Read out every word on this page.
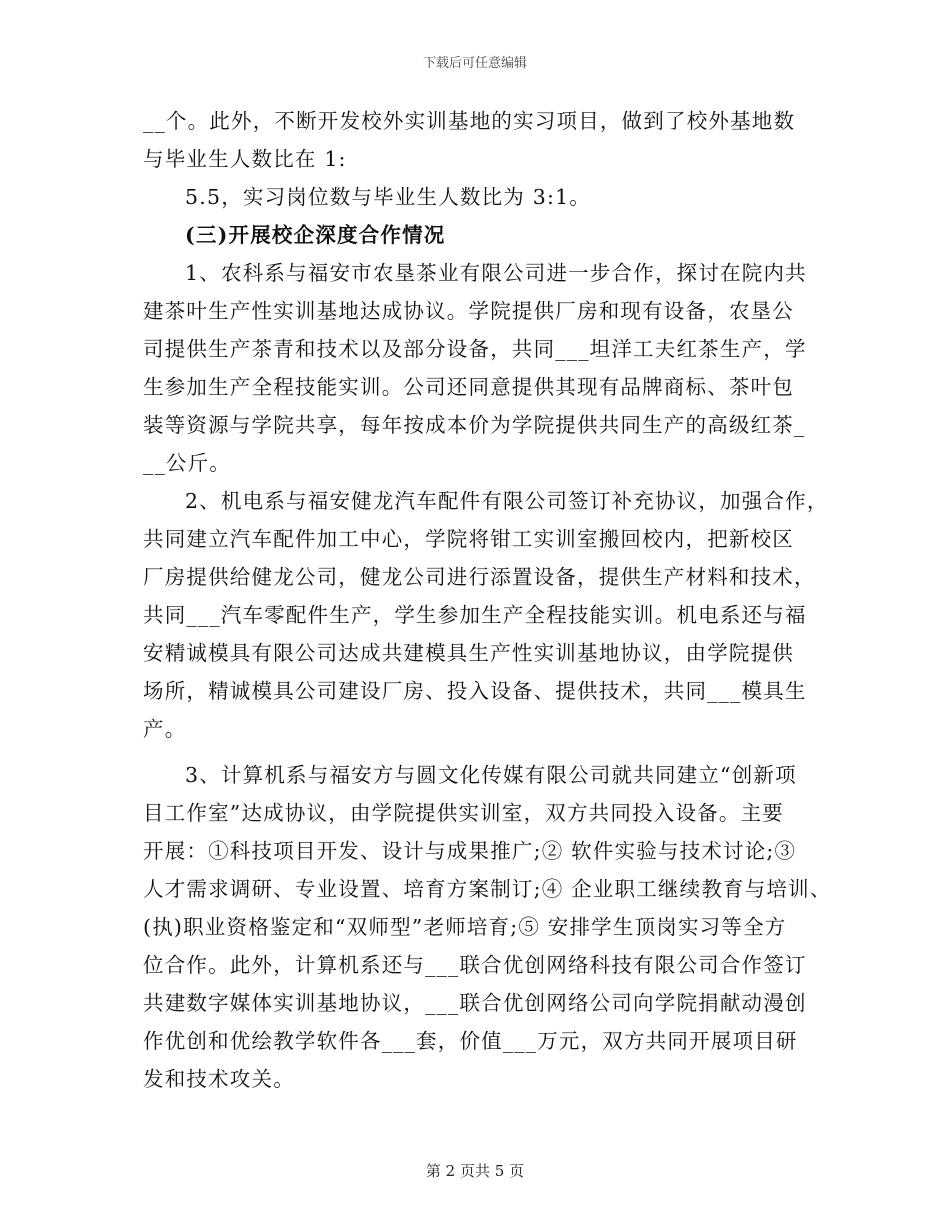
下载后可任意编辑
__个。此外，不断开发校外实训基地的实习项目，做到了校外基地数
与毕业生人数比在 1:
5.5，实习岗位数与毕业生人数比为 3:1。
(三)开展校企深度合作情况
1、农科系与福安市农垦茶业有限公司进一步合作，探讨在院内共
建茶叶生产性实训基地达成协议。学院提供厂房和现有设备，农垦公
司提供生产茶青和技术以及部分设备，共同___坦洋工夫红茶生产，学
生参加生产全程技能实训。公司还同意提供其现有品牌商标、茶叶包
装等资源与学院共享，每年按成本价为学院提供共同生产的高级红茶_
__公斤。
2、机电系与福安健龙汽车配件有限公司签订补充协议，加强合作，
共同建立汽车配件加工中心，学院将钳工实训室搬回校内，把新校区
厂房提供给健龙公司，健龙公司进行添置设备，提供生产材料和技术，
共同___汽车零配件生产，学生参加生产全程技能实训。机电系还与福
安精诚模具有限公司达成共建模具生产性实训基地协议，由学院提供
场所，精诚模具公司建设厂房、投入设备、提供技术，共同___模具生
产。
3、计算机系与福安方与圆文化传媒有限公司就共同建立“创新项
目工作室”达成协议，由学院提供实训室，双方共同投入设备。主要
开展：①科技项目开发、设计与成果推广;② 软件实验与技术讨论;③
人才需求调研、专业设置、培育方案制订;④ 企业职工继续教育与培训、
(执)职业资格鉴定和“双师型”老师培育;⑤ 安排学生顶岗实习等全方
位合作。此外，计算机系还与___联合优创网络科技有限公司合作签订
共建数字媒体实训基地协议，___联合优创网络公司向学院捐献动漫创
作优创和优绘教学软件各___套，价值___万元，双方共同开展项目研
发和技术攻关。
第 2 页共 5 页
